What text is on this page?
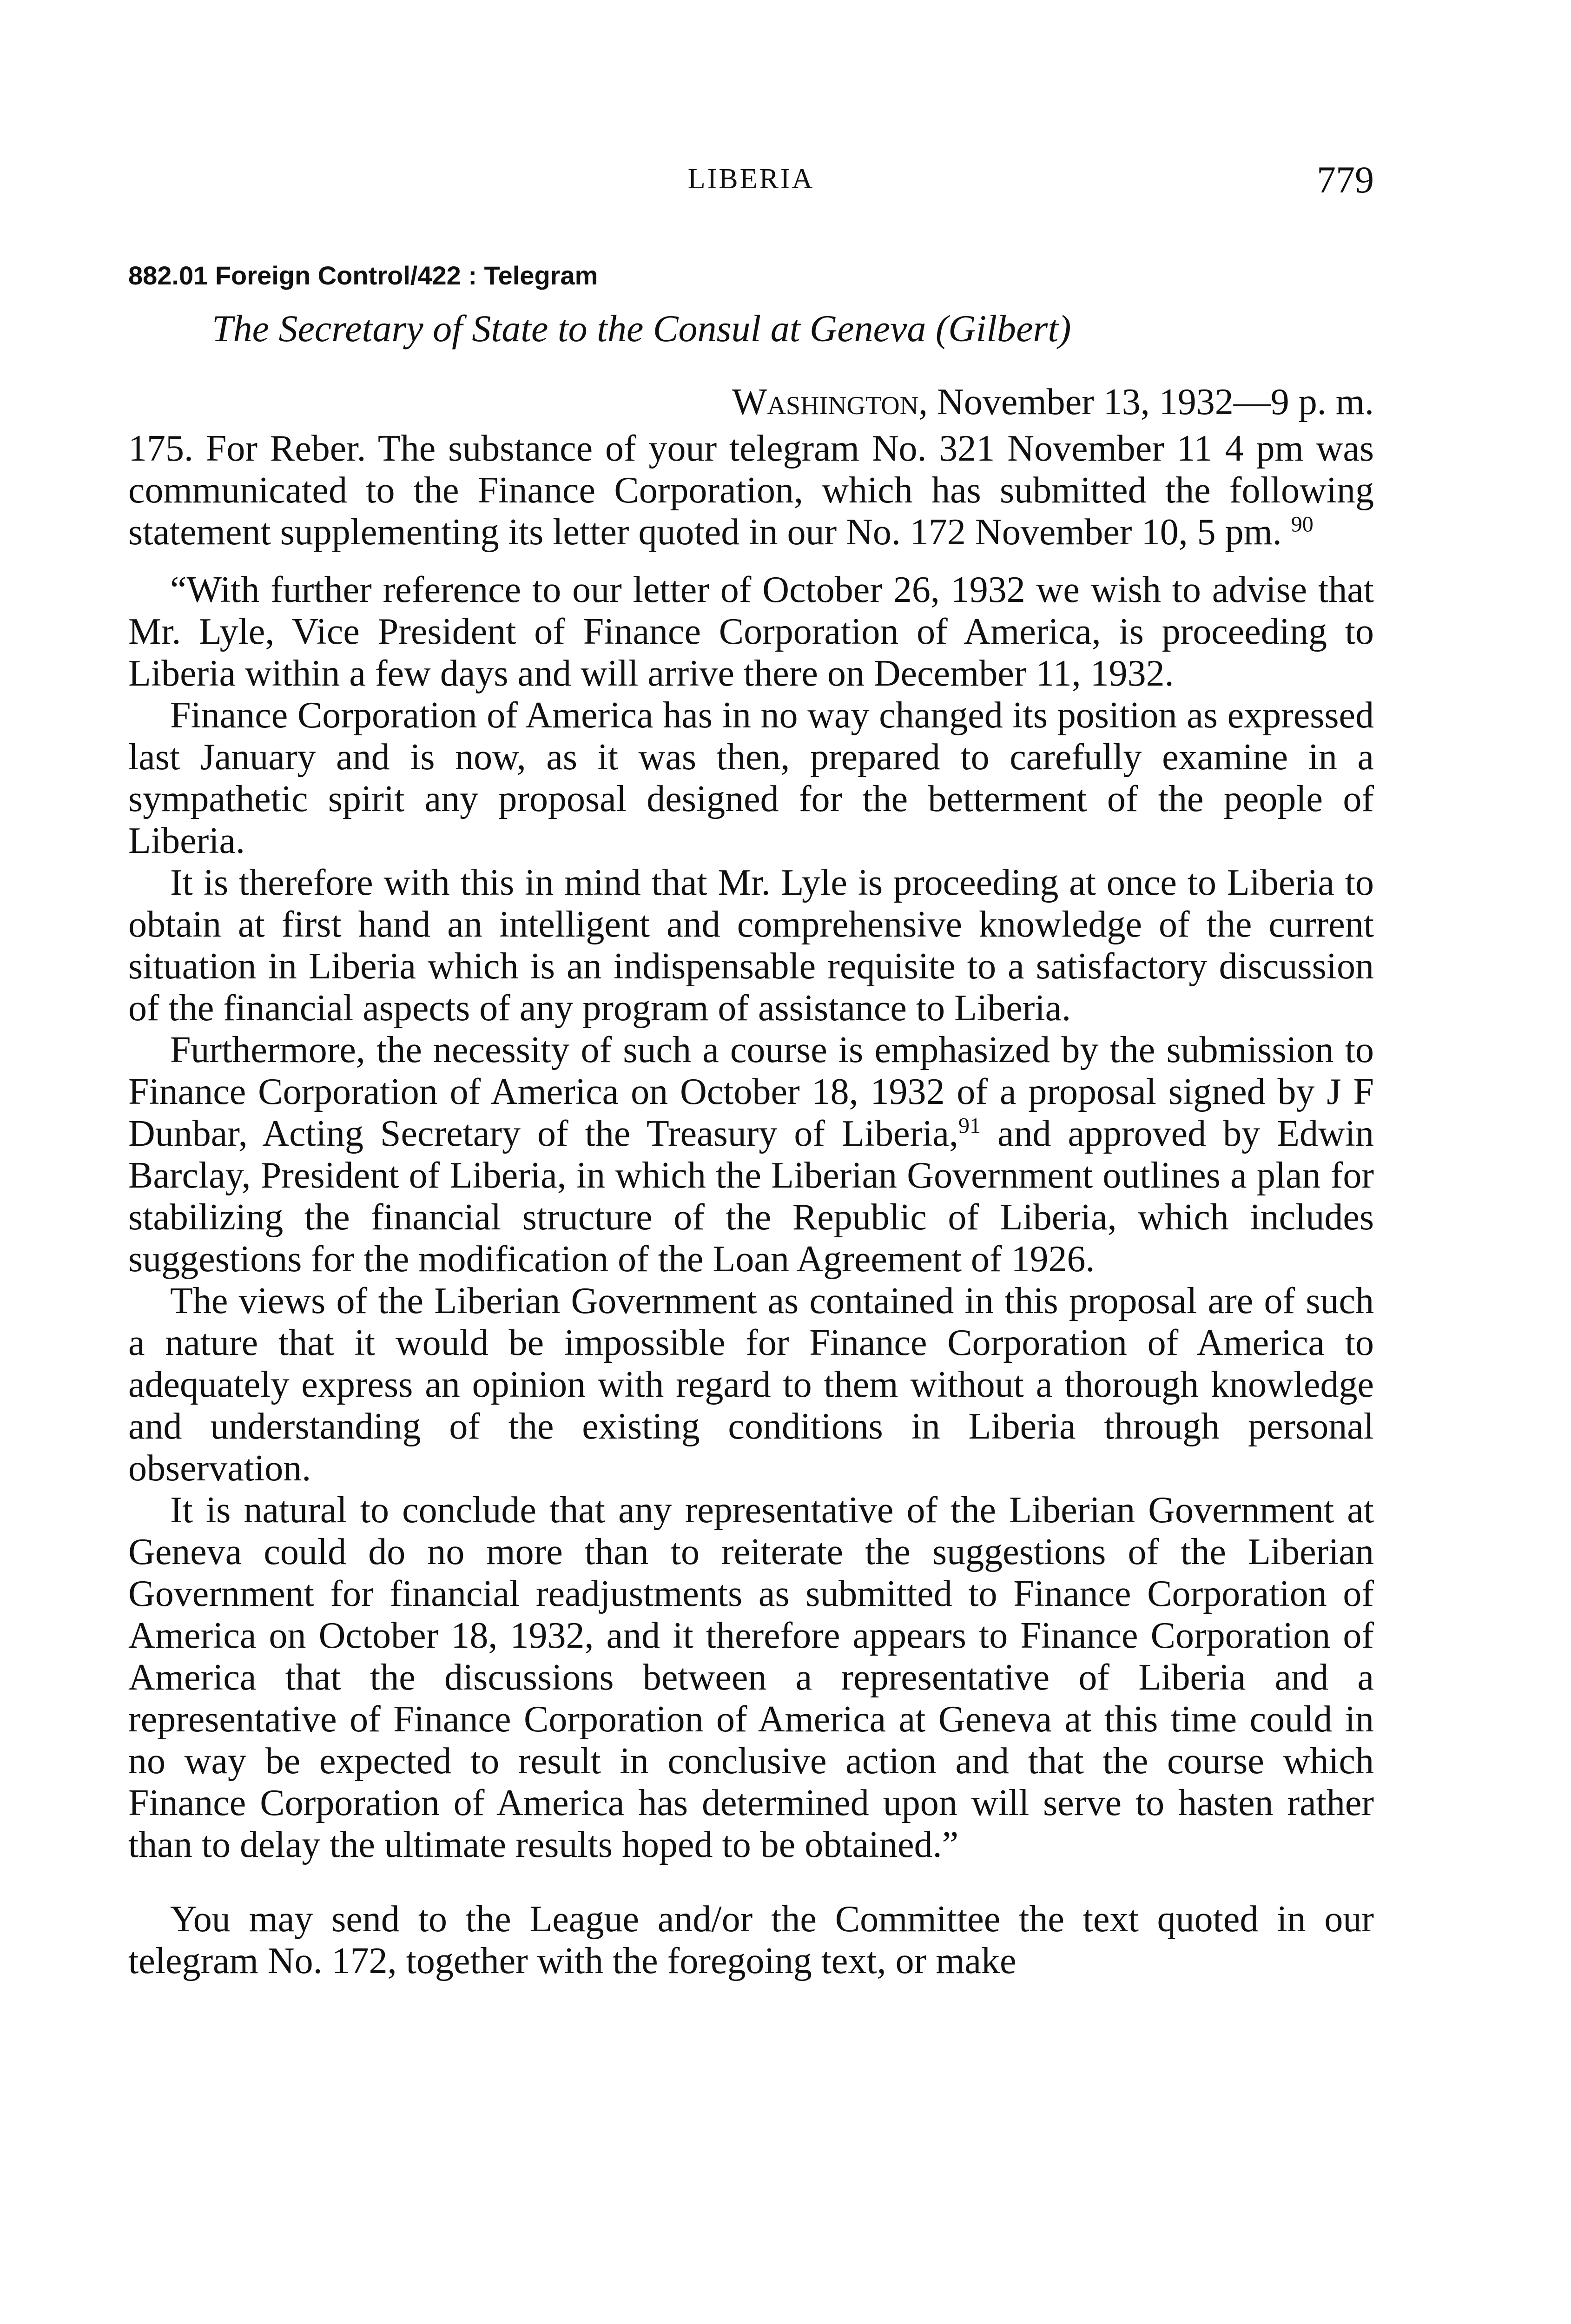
LIBERIA	779
882.01 Foreign Control/422 : Telegram
The Secretary of State to the Consul at Geneva (Gilbert)
Washington, November 13, 1932—9 p. m.

175. For Reber. The substance of your telegram No. 321 November 11 4 pm was communicated to the Finance Corporation, which has submitted the following statement supplementing its letter quoted in our No. 172 November 10, 5 pm. $^{90}$

“With further reference to our letter of October 26, 1932 we wish to advise that Mr. Lyle, Vice President of Finance Corporation of America, is proceeding to Liberia within a few days and will arrive there on December 11, 1932.

Finance Corporation of America has in no way changed its position as expressed last January and is now, as it was then, prepared to carefully examine in a sympathetic spirit any proposal designed for the betterment of the people of Liberia.

It is therefore with this in mind that Mr. Lyle is proceeding at once to Liberia to obtain at first hand an intelligent and comprehensive knowledge of the current situation in Liberia which is an indispensable requisite to a satisfactory discussion of the financial aspects of any program of assistance to Liberia.

Furthermore, the necessity of such a course is emphasized by the submission to Finance Corporation of America on October 18, 1932 of a proposal signed by J F Dunbar, Acting Secretary of the Treasury of Liberia,$^{91}$ and approved by Edwin Barclay, President of Liberia, in which the Liberian Government outlines a plan for stabilizing the financial structure of the Republic of Liberia, which includes suggestions for the modification of the Loan Agreement of 1926.

The views of the Liberian Government as contained in this proposal are of such a nature that it would be impossible for Finance Corporation of America to adequately express an opinion with regard to them without a thorough knowledge and understanding of the existing conditions in Liberia through personal observation.

It is natural to conclude that any representative of the Liberian Government at Geneva could do no more than to reiterate the suggestions of the Liberian Government for financial readjustments as submitted to Finance Corporation of America on October 18, 1932, and it therefore appears to Finance Corporation of America that the discussions between a representative of Liberia and a representative of Finance Corporation of America at Geneva at this time could in no way be expected to result in conclusive action and that the course which Finance Corporation of America has determined upon will serve to hasten rather than to delay the ultimate results hoped to be obtained.”

You may send to the League and/or the Committee the text quoted in our telegram No. 172, together with the foregoing text, or make
